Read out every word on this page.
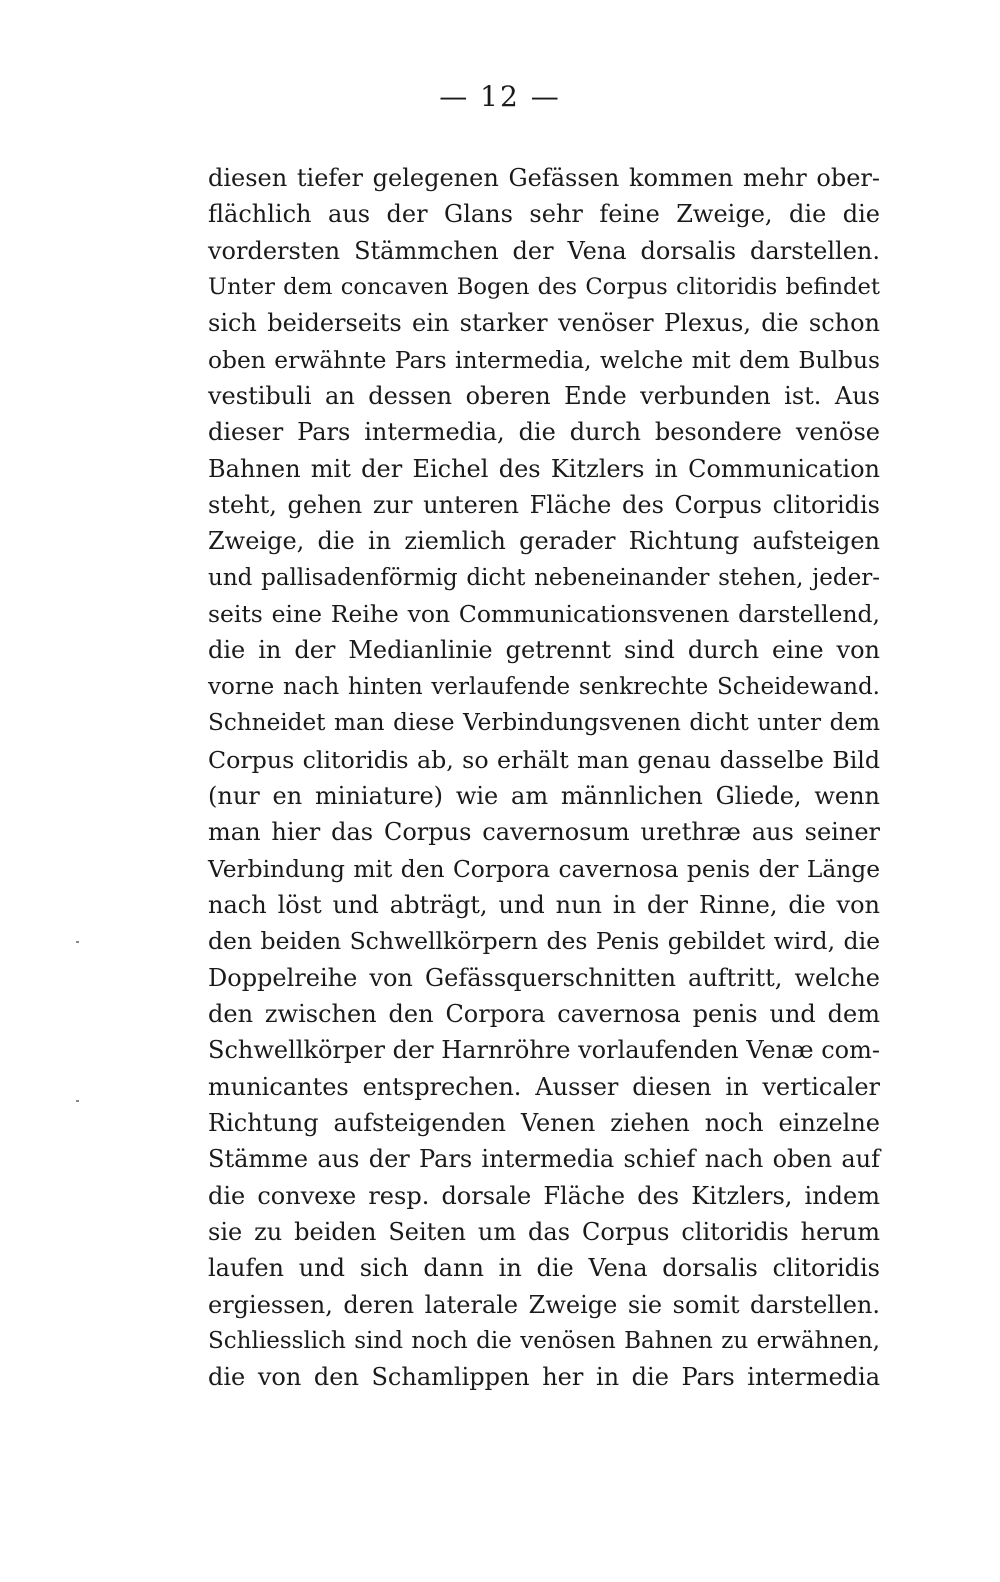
— 12 —
diesen tiefer gelegenen Gefässen kommen mehr ober-
flächlich aus der Glans sehr feine Zweige, die die
vordersten Stämmchen der Vena dorsalis darstellen.
Unter dem concaven Bogen des Corpus clitoridis befindet
sich beiderseits ein starker venöser Plexus, die schon
oben erwähnte Pars intermedia, welche mit dem Bulbus
vestibuli an dessen oberen Ende verbunden ist. Aus
dieser Pars intermedia, die durch besondere venöse
Bahnen mit der Eichel des Kitzlers in Communication
steht, gehen zur unteren Fläche des Corpus clitoridis
Zweige, die in ziemlich gerader Richtung aufsteigen
und pallisadenförmig dicht nebeneinander stehen, jeder-
seits eine Reihe von Communicationsvenen darstellend,
die in der Medianlinie getrennt sind durch eine von
vorne nach hinten verlaufende senkrechte Scheidewand.
Schneidet man diese Verbindungsvenen dicht unter dem
Corpus clitoridis ab, so erhält man genau dasselbe Bild
(nur en miniature) wie am männlichen Gliede, wenn
man hier das Corpus cavernosum urethræ aus seiner
Verbindung mit den Corpora cavernosa penis der Länge
nach löst und abträgt, und nun in der Rinne, die von
den beiden Schwellkörpern des Penis gebildet wird, die
Doppelreihe von Gefässquerschnitten auftritt, welche
den zwischen den Corpora cavernosa penis und dem
Schwellkörper der Harnröhre vorlaufenden Venæ com-
municantes entsprechen. Ausser diesen in verticaler
Richtung aufsteigenden Venen ziehen noch einzelne
Stämme aus der Pars intermedia schief nach oben auf
die convexe resp. dorsale Fläche des Kitzlers, indem
sie zu beiden Seiten um das Corpus clitoridis herum
laufen und sich dann in die Vena dorsalis clitoridis
ergiessen, deren laterale Zweige sie somit darstellen.
Schliesslich sind noch die venösen Bahnen zu erwähnen,
die von den Schamlippen her in die Pars intermedia
